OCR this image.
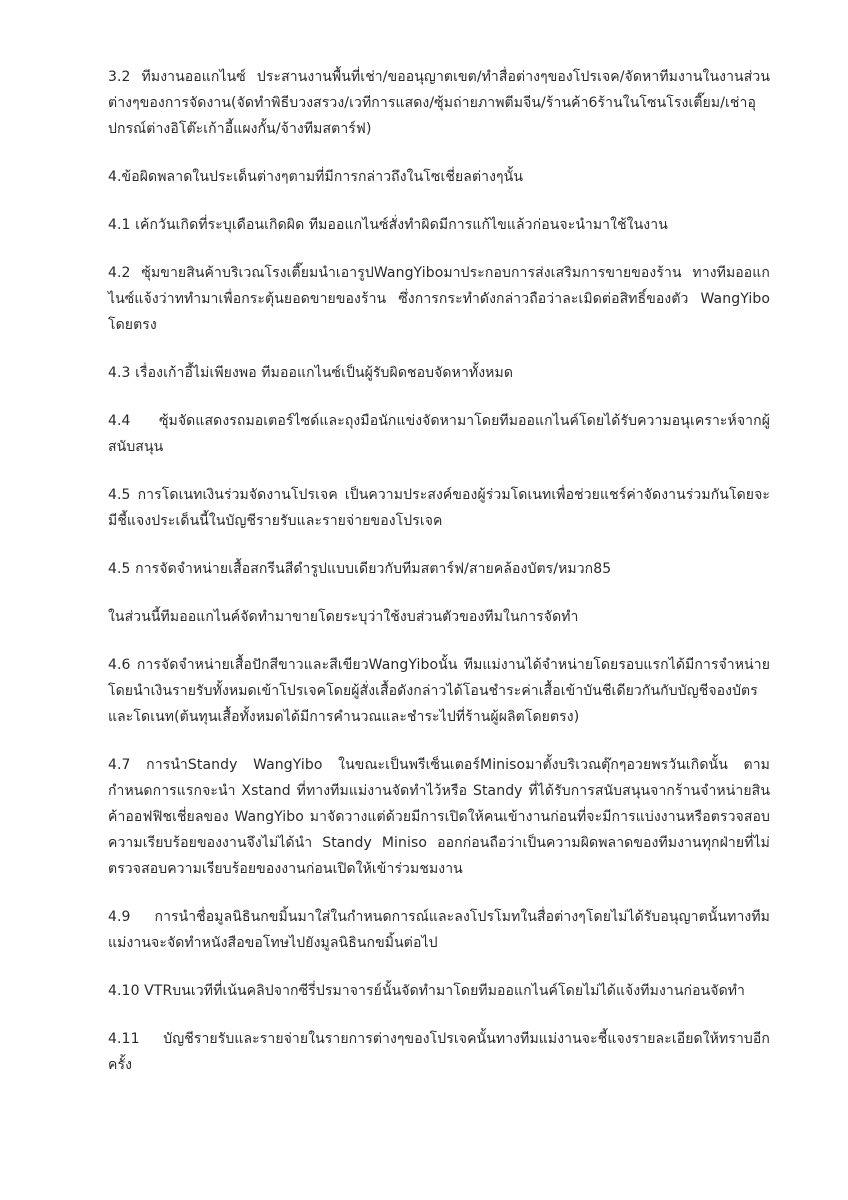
3.2 ทีมงานออแกไนซ์ ประสานงานพื้นที่เช่า/ขออนุญาตเขต/ทำสื่อต่างๆของโปรเจค/จัดหาทีมงานในงานส่วนต่างๆของการจัดงาน(จัดทำพิธีบวงสรวง/เวทีการแสดง/ซุ้มถ่ายภาพตีมจีน/ร้านค้า6ร้านในโซนโรงเตี๊ยม/เช่าอุปกรณ์ต่างอิโต๊ะเก้าอี้แผงกั้น/จ้างทีมสตาร์ฟ)

4.ข้อผิดพลาดในประเด็นต่างๆตามที่มีการกล่าวถึงในโซเชี่ยลต่างๆนั้น

4.1 เค้กวันเกิดที่ระบุเดือนเกิดผิด ทีมออแกไนซ์สั่งทำผิดมีการแก้ไขแล้วก่อนจะนำมาใช้ในงาน

4.2 ซุ้มขายสินค้าบริเวณโรงเตี๊ยมนำเอารูปWangYiboมาประกอบการส่งเสริมการขายของร้าน ทางทีมออแกไนซ์แจ้งว่าททำมาเพื่อกระตุ้นยอดขายของร้าน ซึ่งการกระทำดังกล่าวถือว่าละเมิดต่อสิทธิ์ของตัว WangYibo โดยตรง

4.3 เรื่องเก้าอี้ไม่เพียงพอ ทีมออแกไนซ์เป็นผู้รับผิดชอบจัดหาทั้งหมด

4.4 ซุ้มจัดแสดงรถมอเตอร์ไซด์และถุงมือนักแข่งจัดหามาโดยทีมออแกไนค์โดยได้รับความอนุเคราะห์จากผู้สนับสนุน

4.5 การโดเนทเงินร่วมจัดงานโปรเจค เป็นความประสงค์ของผู้ร่วมโดเนทเพื่อช่วยแชร์ค่าจัดงานร่วมกันโดยจะมีชี้แจงประเด็นนี้ในบัญชีรายรับและรายจ่ายของโปรเจค

4.5 การจัดจำหน่ายเสื้อสกรีนสีดำรูปแบบเดียวกับทีมสตาร์ฟ/สายคล้องบัตร/หมวก85

ในส่วนนี้ทีมออแกไนค์จัดทำมาขายโดยระบุว่าใช้งบส่วนตัวของทีมในการจัดทำ

4.6 การจัดจำหน่ายเสื้อปักสีขาวและสีเขียวWangYiboนั้น ทีมแม่งานได้จำหน่ายโดยรอบแรกได้มีการจำหน่ายโดยนำเงินรายรับทั้งหมดเข้าโปรเจคโดยผู้สั่งเสื้อดังกล่าวได้โอนชำระค่าเสื้อเข้าบันชีเดียวกันกับบัญชีจองบัตรและโดเนท(ต้นทุนเสื้อทั้งหมดได้มีการคำนวณและชำระไปที่ร้านผู้ผลิตโดยตรง)

4.7 การนำStandy WangYibo ในขณะเป็นพรีเซ็นเตอร์Minisoมาตั้งบริเวณตุ๊กๆอวยพรวันเกิดนั้น ตามกำหนดการแรกจะนำ Xstand ที่ทางทีมแม่งานจัดทำไว้หรือ Standy ที่ได้รับการสนับสนุนจากร้านจำหน่ายสินค้าออฟฟิชเชี่ยลของ WangYibo มาจัดวางแต่ด้วยมีการเปิดให้คนเข้างานก่อนที่จะมีการแบ่งงานหรือตรวจสอบความเรียบร้อยของงานจึงไม่ได้นำ Standy Miniso ออกก่อนถือว่าเป็นความผิดพลาดของทีมงานทุกฝ่ายที่ไม่ตรวจสอบความเรียบร้อยของงานก่อนเปิดให้เข้าร่วมชมงาน

4.9 การนำชื่อมูลนิธินกขมิ้นมาใส่ในกำหนดการณ์และลงโปรโมทในสื่อต่างๆโดยไม่ได้รับอนุญาตนั้นทางทีมแม่งานจะจัดทำหนังสือขอโทษไปยังมูลนิธินกขมิ้นต่อไป

4.10 VTRบนเวทีที่เน้นคลิปจากซีรี่ปรมาจารย์นั้นจัดทำมาโดยทีมออแกไนค์โดยไม่ได้แจ้งทีมงานก่อนจัดทำ

4.11 บัญชีรายรับและรายจ่ายในรายการต่างๆของโปรเจคนั้นทางทีมแม่งานจะชี้แจงรายละเอียดให้ทราบอีกครั้ง
